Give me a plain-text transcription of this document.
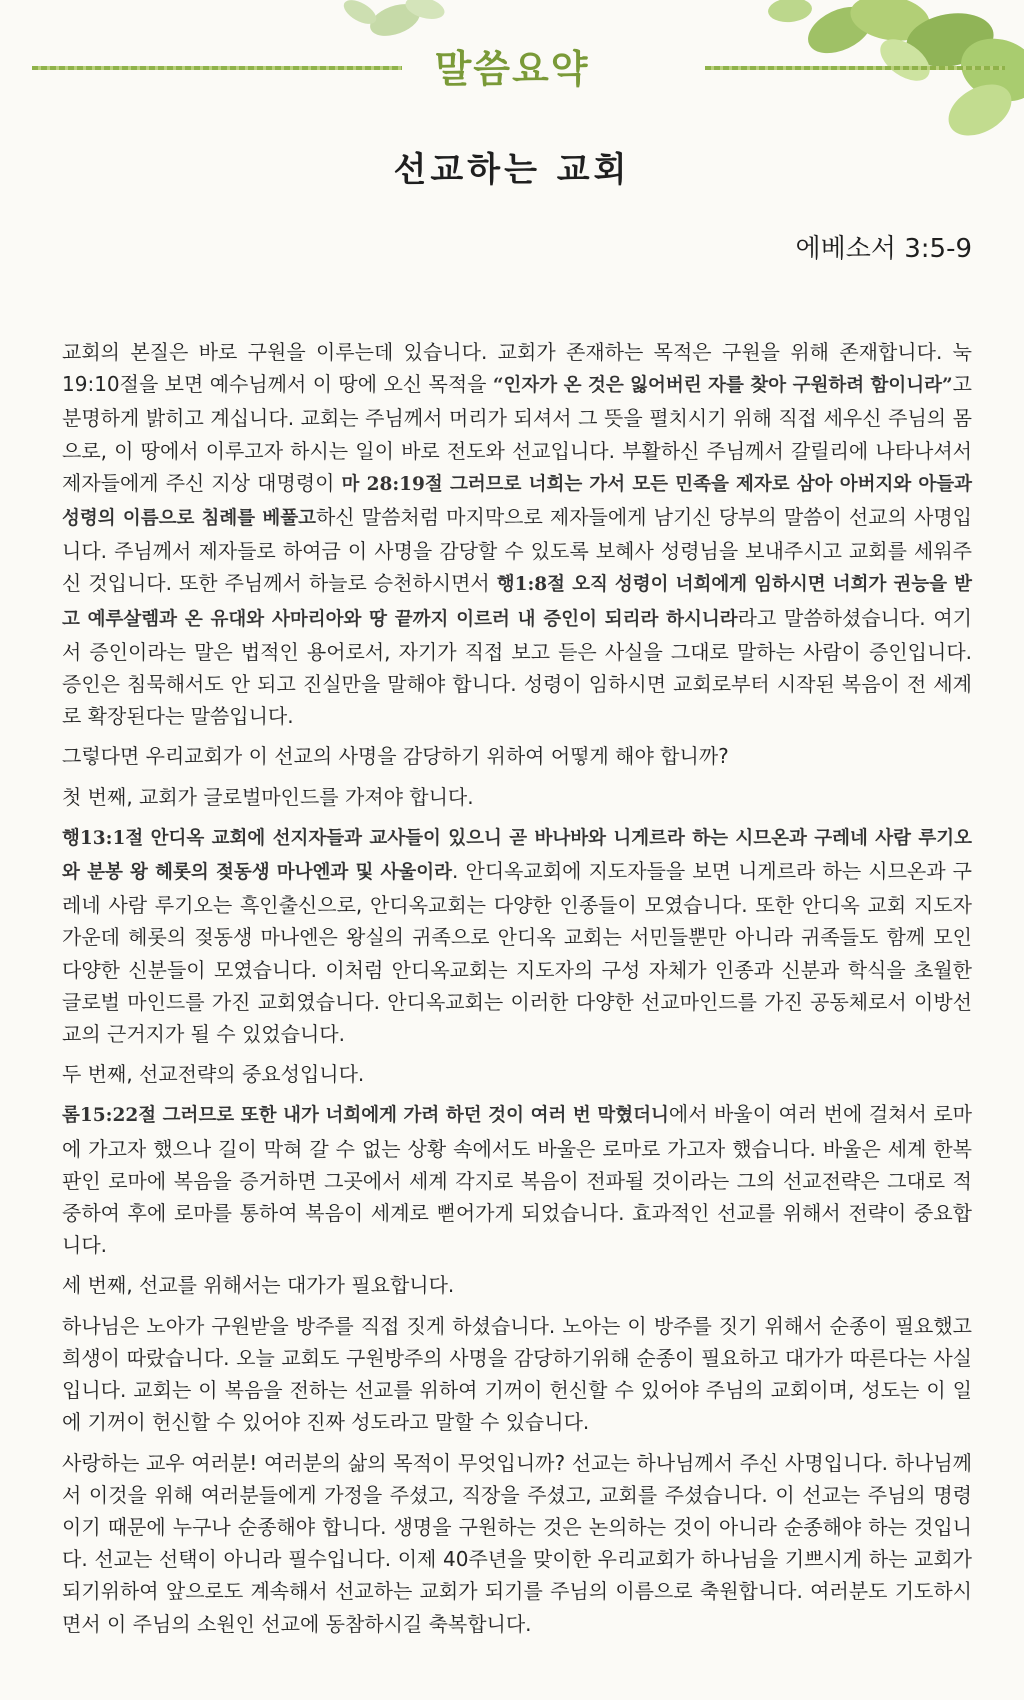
말씀요약
선교하는 교회
에베소서 3:5-9

교회의 본질은 바로 구원을 이루는데 있습니다. 교회가 존재하는 목적은 구원을 위해 존재합니다. 눅 19:10절을 보면 예수님께서 이 땅에 오신 목적을 “인자가 온 것은 잃어버린 자를 찾아 구원하려 함이니라”고 분명하게 밝히고 계십니다. 교회는 주님께서 머리가 되셔서 그 뜻을 펼치시기 위해 직접 세우신 주님의 몸으로, 이 땅에서 이루고자 하시는 일이 바로 전도와 선교입니다. 부활하신 주님께서 갈릴리에 나타나셔서 제자들에게 주신 지상 대명령이 마 28:19절 그러므로 너희는 가서 모든 민족을 제자로 삼아 아버지와 아들과 성령의 이름으로 침례를 베풀고하신 말씀처럼 마지막으로 제자들에게 남기신 당부의 말씀이 선교의 사명입니다. 주님께서 제자들로 하여금 이 사명을 감당할 수 있도록 보혜사 성령님을 보내주시고 교회를 세워주신 것입니다. 또한 주님께서 하늘로 승천하시면서 행1:8절 오직 성령이 너희에게 임하시면 너희가 권능을 받고 예루살렘과 온 유대와 사마리아와 땅 끝까지 이르러 내 증인이 되리라 하시니라라고 말씀하셨습니다. 여기서 증인이라는 말은 법적인 용어로서, 자기가 직접 보고 듣은 사실을 그대로 말하는 사람이 증인입니다. 증인은 침묵해서도 안 되고 진실만을 말해야 합니다. 성령이 임하시면 교회로부터 시작된 복음이 전 세계로 확장된다는 말씀입니다.

그렇다면 우리교회가 이 선교의 사명을 감당하기 위하여 어떻게 해야 합니까?

첫 번째, 교회가 글로벌마인드를 가져야 합니다.

행13:1절 안디옥 교회에 선지자들과 교사들이 있으니 곧 바나바와 니게르라 하는 시므온과 구레네 사람 루기오와 분봉 왕 헤롯의 젖동생 마나엔과 및 사울이라. 안디옥교회에 지도자들을 보면 니게르라 하는 시므온과 구레네 사람 루기오는 흑인출신으로, 안디옥교회는 다양한 인종들이 모였습니다. 또한 안디옥 교회 지도자가운데 헤롯의 젖동생 마나엔은 왕실의 귀족으로 안디옥 교회는 서민들뿐만 아니라 귀족들도 함께 모인 다양한 신분들이 모였습니다. 이처럼 안디옥교회는 지도자의 구성 자체가 인종과 신분과 학식을 초월한 글로벌 마인드를 가진 교회였습니다. 안디옥교회는 이러한 다양한 선교마인드를 가진 공동체로서 이방선교의 근거지가 될 수 있었습니다.

두 번째, 선교전략의 중요성입니다.

롬15:22절 그러므로 또한 내가 너희에게 가려 하던 것이 여러 번 막혔더니에서 바울이 여러 번에 걸쳐서 로마에 가고자 했으나 길이 막혀 갈 수 없는 상황 속에서도 바울은 로마로 가고자 했습니다. 바울은 세계 한복판인 로마에 복음을 증거하면 그곳에서 세계 각지로 복음이 전파될 것이라는 그의 선교전략은 그대로 적중하여 후에 로마를 통하여 복음이 세계로 뻗어가게 되었습니다. 효과적인 선교를 위해서 전략이 중요합니다.

세 번째, 선교를 위해서는 대가가 필요합니다.

하나님은 노아가 구원받을 방주를 직접 짓게 하셨습니다. 노아는 이 방주를 짓기 위해서 순종이 필요했고 희생이 따랐습니다. 오늘 교회도 구원방주의 사명을 감당하기위해 순종이 필요하고 대가가 따른다는 사실입니다. 교회는 이 복음을 전하는 선교를 위하여 기꺼이 헌신할 수 있어야 주님의 교회이며, 성도는 이 일에 기꺼이 헌신할 수 있어야 진짜 성도라고 말할 수 있습니다.

사랑하는 교우 여러분! 여러분의 삶의 목적이 무엇입니까? 선교는 하나님께서 주신 사명입니다. 하나님께서 이것을 위해 여러분들에게 가정을 주셨고, 직장을 주셨고, 교회를 주셨습니다. 이 선교는 주님의 명령이기 때문에 누구나 순종해야 합니다. 생명을 구원하는 것은 논의하는 것이 아니라 순종해야 하는 것입니다. 선교는 선택이 아니라 필수입니다. 이제 40주년을 맞이한 우리교회가 하나님을 기쁘시게 하는 교회가 되기위하여 앞으로도 계속해서 선교하는 교회가 되기를 주님의 이름으로 축원합니다. 여러분도 기도하시면서 이 주님의 소원인 선교에 동참하시길 축복합니다.
